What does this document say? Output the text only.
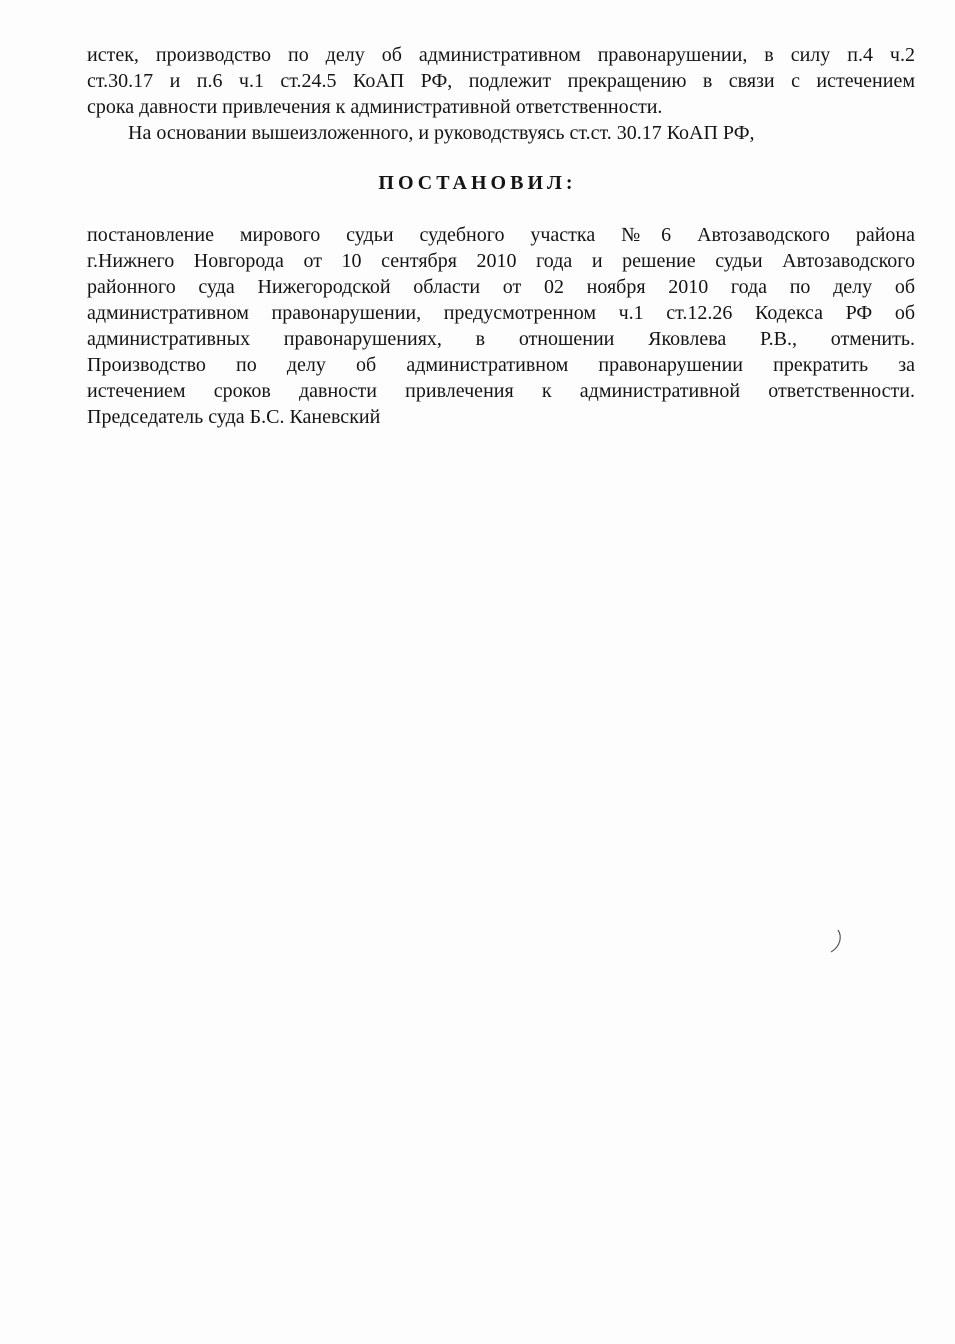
истек, производство по делу об административном правонарушении, в силу п.4 ч.2
ст.30.17 и п.6 ч.1 ст.24.5 КоАП РФ, подлежит прекращению в связи с истечением
срока давности привлечения к административной ответственности.
На основании вышеизложенного, и руководствуясь ст.ст. 30.17 КоАП РФ,
ПОСТАНОВИЛ:
постановление мирового судьи судебного участка №6 Автозаводского района
г.Нижнего Новгорода от 10 сентября 2010 года и решение судьи Автозаводского
районного суда Нижегородской области от 02 ноября 2010 года по делу об
административном правонарушении, предусмотренном ч.1 ст.12.26 Кодекса РФ об
административных правонарушениях, в отношении Яковлева Р.В., отменить.
Производство по делу об административном правонарушении прекратить за
истечением сроков давности привлечения к административной ответственности.
Председатель суда Б.С. Каневский
